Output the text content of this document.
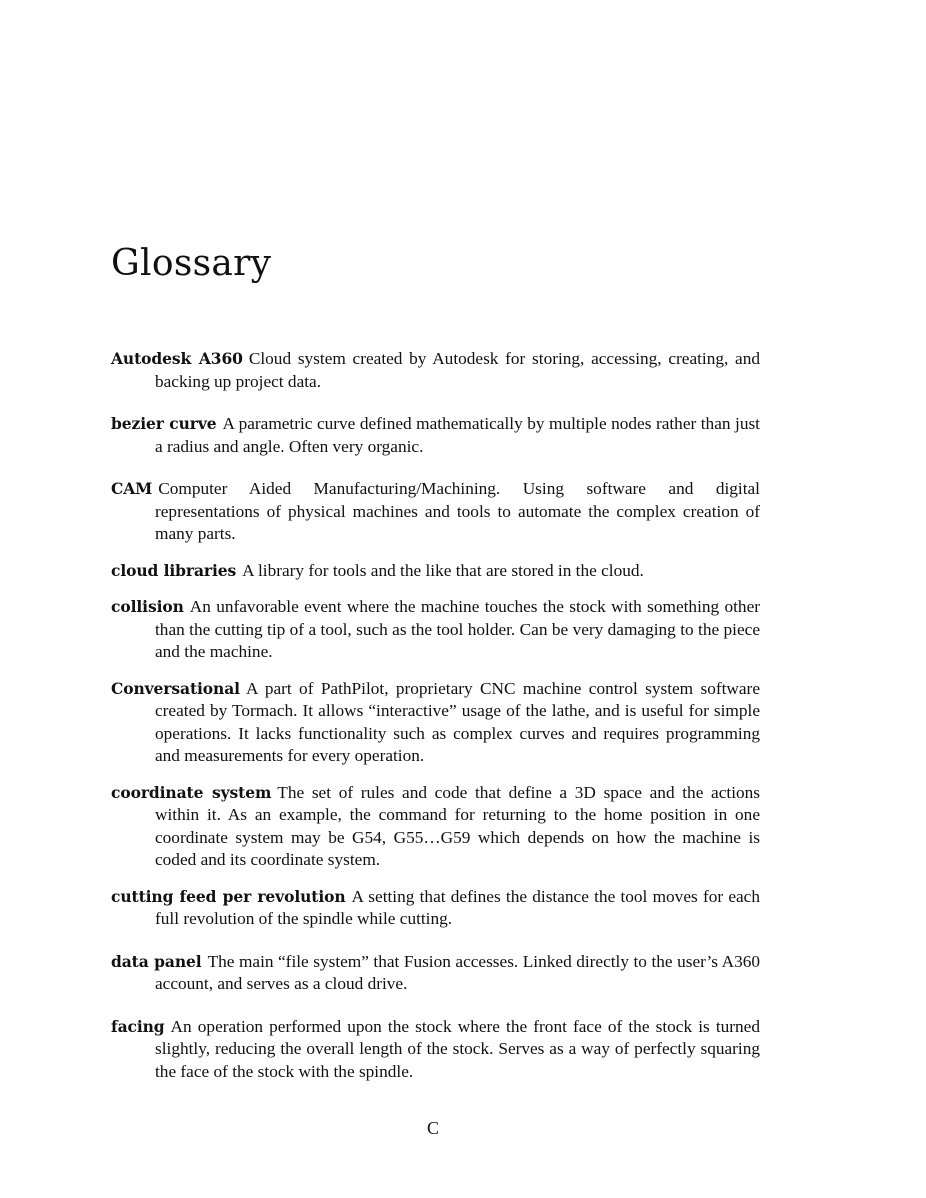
Glossary

Autodesk A360 Cloud system created by Autodesk for storing, accessing, creating, and backing up project data.

bezier curve A parametric curve defined mathematically by multiple nodes rather than just a radius and angle. Often very organic.

CAM Computer Aided Manufacturing/Machining. Using software and digital representations of physical machines and tools to automate the complex creation of many parts.

cloud libraries A library for tools and the like that are stored in the cloud.

collision An unfavorable event where the machine touches the stock with something other than the cutting tip of a tool, such as the tool holder. Can be very damaging to the piece and the machine.

Conversational A part of PathPilot, proprietary CNC machine control system software created by Tormach. It allows “interactive” usage of the lathe, and is useful for simple operations. It lacks functionality such as complex curves and requires programming and measurements for every operation.

coordinate system The set of rules and code that define a 3D space and the actions within it. As an example, the command for returning to the home position in one coordinate system may be G54, G55…G59 which depends on how the machine is coded and its coordinate system.

cutting feed per revolution A setting that defines the distance the tool moves for each full revolution of the spindle while cutting.

data panel The main “file system” that Fusion accesses. Linked directly to the user’s A360 account, and serves as a cloud drive.

facing An operation performed upon the stock where the front face of the stock is turned slightly, reducing the overall length of the stock. Serves as a way of perfectly squaring the face of the stock with the spindle.

C
